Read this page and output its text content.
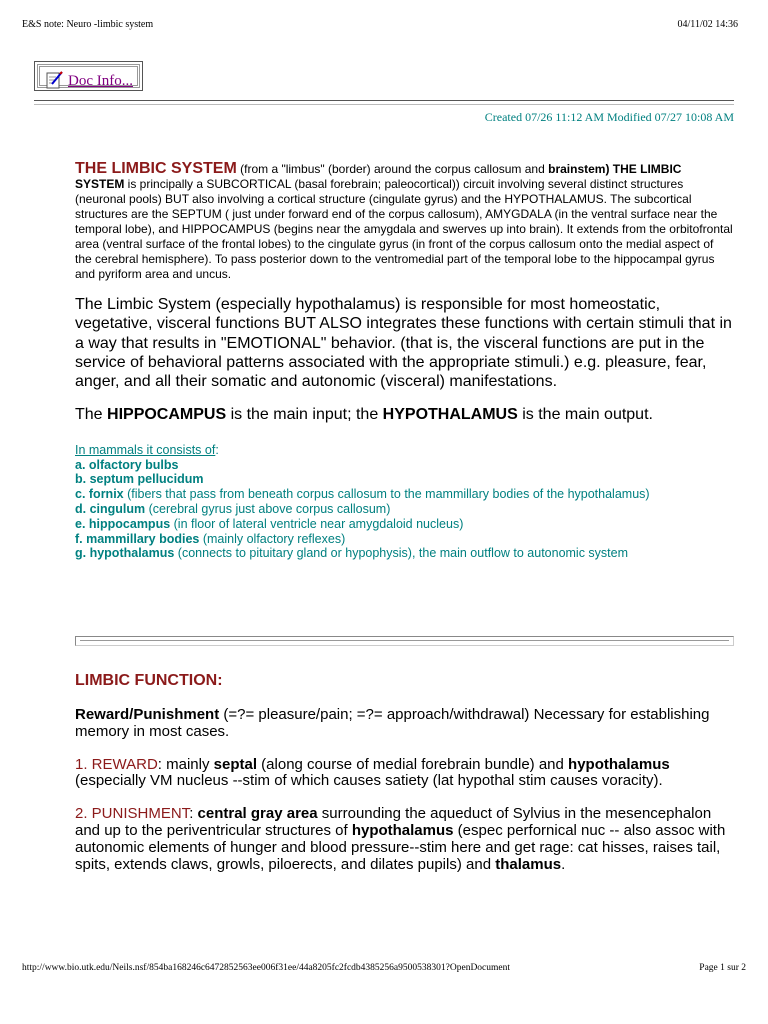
E&S note: Neuro -limbic system	04/11/02 14:36
Doc Info...
Created 07/26 11:12 AM Modified 07/27 10:08 AM

THE LIMBIC SYSTEM (from a "limbus" (border) around the corpus callosum and brainstem) THE LIMBIC SYSTEM is principally a SUBCORTICAL (basal forebrain; paleocortical)) circuit involving several distinct structures (neuronal pools) BUT also involving a cortical structure (cingulate gyrus) and the HYPOTHALAMUS. The subcortical structures are the SEPTUM ( just under forward end of the corpus callosum), AMYGDALA (in the ventral surface near the temporal lobe), and HIPPOCAMPUS (begins near the amygdala and swerves up into brain). It extends from the orbitofrontal area (ventral surface of the frontal lobes) to the cingulate gyrus (in front of the corpus callosum onto the medial aspect of the cerebral hemisphere). To pass posterior down to the ventromedial part of the temporal lobe to the hippocampal gyrus and pyriform area and uncus.

The Limbic System (especially hypothalamus) is responsible for most homeostatic, vegetative, visceral functions BUT ALSO integrates these functions with certain stimuli that in a way that results in "EMOTIONAL" behavior. (that is, the visceral functions are put in the service of behavioral patterns associated with the appropriate stimuli.) e.g. pleasure, fear, anger, and all their somatic and autonomic (visceral) manifestations.

The HIPPOCAMPUS is the main input; the HYPOTHALAMUS is the main output.

In mammals it consists of:
a. olfactory bulbs
b. septum pellucidum
c. fornix (fibers that pass from beneath corpus callosum to the mammillary bodies of the hypothalamus)
d. cingulum (cerebral gyrus just above corpus callosum)
e. hippocampus (in floor of lateral ventricle near amygdaloid nucleus)
f. mammillary bodies (mainly olfactory reflexes)
g. hypothalamus (connects to pituitary gland or hypophysis), the main outflow to autonomic system
LIMBIC FUNCTION:

Reward/Punishment (=?= pleasure/pain; =?= approach/withdrawal) Necessary for establishing memory in most cases.

1. REWARD: mainly septal (along course of medial forebrain bundle) and hypothalamus (especially VM nucleus --stim of which causes satiety (lat hypothal stim causes voracity).

2. PUNISHMENT: central gray area surrounding the aqueduct of Sylvius in the mesencephalon and up to the periventricular structures of hypothalamus (espec perfornical nuc -- also assoc with autonomic elements of hunger and blood pressure--stim here and get rage: cat hisses, raises tail, spits, extends claws, growls, piloerects, and dilates pupils) and thalamus.

http://www.bio.utk.edu/Neils.nsf/854ba168246c6472852563ee006f31ee/44a8205fc2fcdb4385256a9500538301?OpenDocument	Page 1 sur 2
